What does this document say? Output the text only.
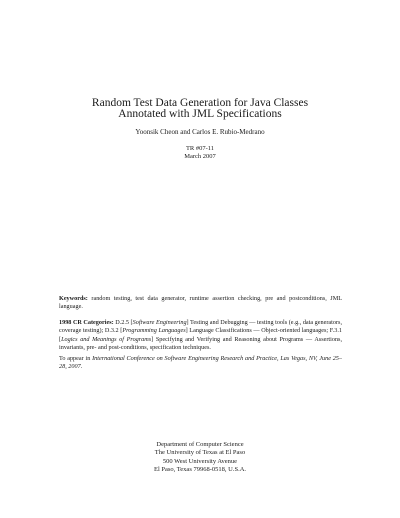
Random Test Data Generation for Java Classes
Annotated with JML Specifications
Yoonsik Cheon and Carlos E. Rubio-Medrano
TR #07-11
March 2007
Keywords: random testing, test data generator, runtime assertion checking, pre and postconditions, JML language.
1998 CR Categories: D.2.5 [Software Engineering] Testing and Debugging — testing tools (e.g., data generators, coverage testing); D.3.2 [Programming Languages] Language Classifications — Object-oriented languages; F.3.1 [Logics and Meanings of Programs] Specifying and Verifying and Reasoning about Programs — Assertions, invariants, pre- and post-conditions, specification techniques.
To appear in International Conference on Software Engineering Research and Practice, Las Vegas, NV, June 25–28, 2007.
Department of Computer Science
The University of Texas at El Paso
500 West University Avenue
El Paso, Texas 79968-0518, U.S.A.
